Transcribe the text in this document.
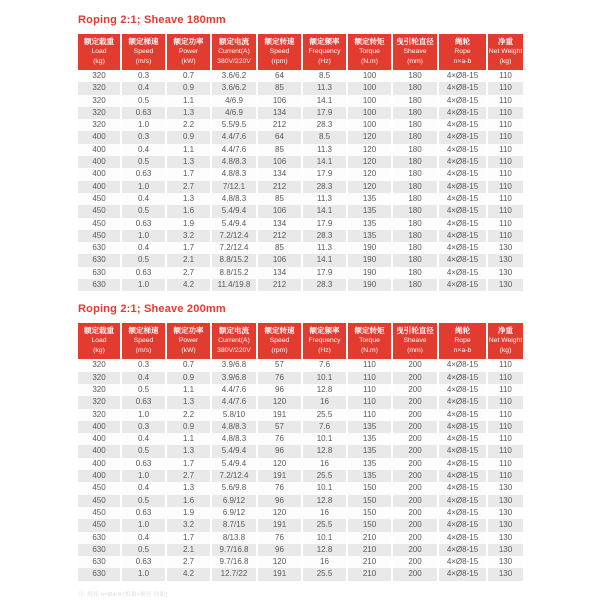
Roping 2:1; Sheave 180mm
额定载重
Load
(kg)	额定梯速
Speed
(m/s)	额定功率
Power
(kW)	额定电流
Current(A)
380V/220V	额定转速
Speed
(rpm)	额定频率
Frequency
(Hz)	额定转矩
Torque
(N.m)	曳引轮直径
Sheave
(mm)	绳轮
Rope
n×a-b	净重
Net Weight
(kg)

320	0.3	0.7	3.6/6.2	64	8.5	100	180	4×Ø8-15	110
320	0.4	0.9	3.6/6.2	85	11.3	100	180	4×Ø8-15	110
320	0.5	1.1	4/6.9	106	14.1	100	180	4×Ø8-15	110
320	0.63	1.3	4/6.9	134	17.9	100	180	4×Ø8-15	110
320	1.0	2.2	5.5/9.5	212	28.3	100	180	4×Ø8-15	110
400	0.3	0.9	4.4/7.6	64	8.5	120	180	4×Ø8-15	110
400	0.4	1.1	4.4/7.6	85	11.3	120	180	4×Ø8-15	110
400	0.5	1.3	4.8/8.3	106	14.1	120	180	4×Ø8-15	110
400	0.63	1.7	4.8/8.3	134	17.9	120	180	4×Ø8-15	110
400	1.0	2.7	7/12.1	212	28.3	120	180	4×Ø8-15	110
450	0.4	1.3	4.8/8.3	85	11.3	135	180	4×Ø8-15	110
450	0.5	1.6	5.4/9.4	106	14.1	135	180	4×Ø8-15	110
450	0.63	1.9	5.4/9.4	134	17.9	135	180	4×Ø8-15	110
450	1.0	3.2	7.2/12.4	212	28.3	135	180	4×Ø8-15	110
630	0.4	1.7	7.2/12.4	85	11.3	190	180	4×Ø8-15	130
630	0.5	2.1	8.8/15.2	106	14.1	190	180	4×Ø8-15	130
630	0.63	2.7	8.8/15.2	134	17.9	190	180	4×Ø8-15	130
630	1.0	4.2	11.4/19.8	212	28.3	190	180	4×Ø8-15	130
Roping 2:1; Sheave 200mm
额定载重
Load
(kg)	额定梯速
Speed
(m/s)	额定功率
Power
(kW)	额定电流
Current(A)
380V/220V	额定转速
Speed
(rpm)	额定频率
Frequency
(Hz)	额定转矩
Torque
(N.m)	曳引轮直径
Sheave
(mm)	绳轮
Rope
n×a-b	净重
Net Weight
(kg)

320	0.3	0.7	3.9/6.8	57	7.6	110	200	4×Ø8-15	110
320	0.4	0.9	3.9/6.8	76	10.1	110	200	4×Ø8-15	110
320	0.5	1.1	4.4/7.6	96	12.8	110	200	4×Ø8-15	110
320	0.63	1.3	4.4/7.6	120	16	110	200	4×Ø8-15	110
320	1.0	2.2	5.8/10	191	25.5	110	200	4×Ø8-15	110
400	0.3	0.9	4.8/8.3	57	7.6	135	200	4×Ø8-15	110
400	0.4	1.1	4.8/8.3	76	10.1	135	200	4×Ø8-15	110
400	0.5	1.3	5.4/9.4	96	12.8	135	200	4×Ø8-15	110
400	0.63	1.7	5.4/9.4	120	16	135	200	4×Ø8-15	110
400	1.0	2.7	7.2/12.4	191	25.5	135	200	4×Ø8-15	110
450	0.4	1.3	5.6/9.8	76	10.1	150	200	4×Ø8-15	130
450	0.5	1.6	6.9/12	96	12.8	150	200	4×Ø8-15	130
450	0.63	1.9	6.9/12	120	16	150	200	4×Ø8-15	130
450	1.0	3.2	8.7/15	191	25.5	150	200	4×Ø8-15	130
630	0.4	1.7	8/13.8	76	10.1	210	200	4×Ø8-15	130
630	0.5	2.1	9.7/16.8	96	12.8	210	200	4×Ø8-15	130
630	0.63	2.7	9.7/16.8	120	16	210	200	4×Ø8-15	130
630	1.0	4.2	12.7/22	191	25.5	210	200	4×Ø8-15	130
注: 绳轮 n×Øa-b (根数×绳径-间距)
